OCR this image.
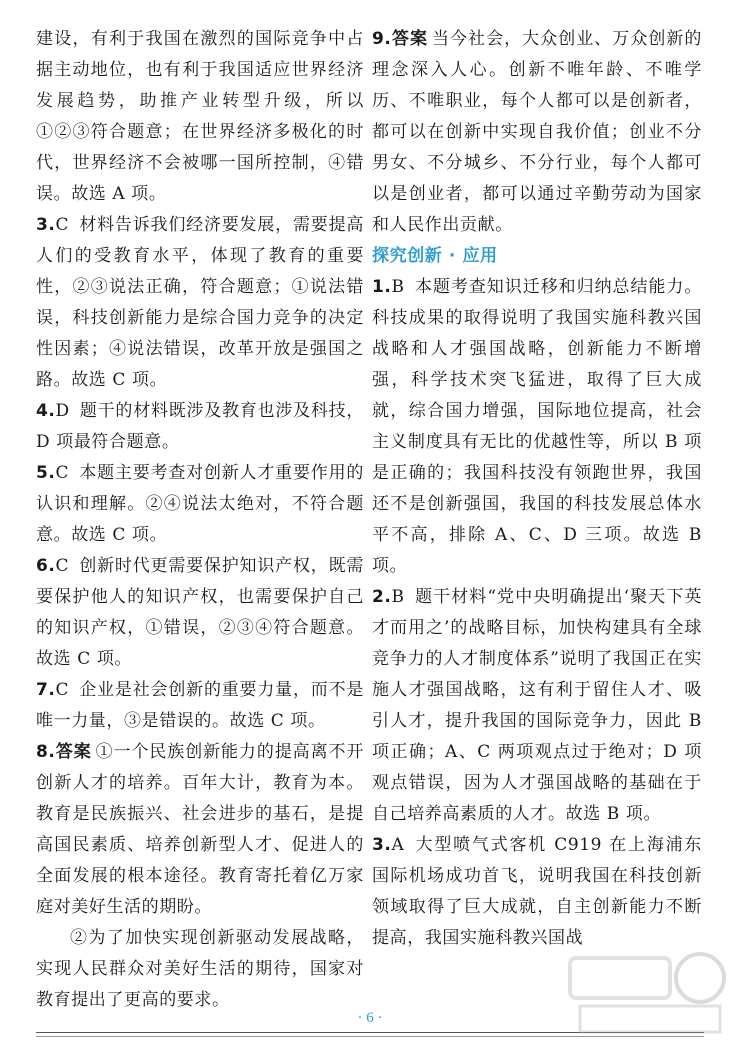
建设，有利于我国在激烈的国际竞争中占据主动地位，也有利于我国适应世界经济发展趋势，助推产业转型升级，所以①②③符合题意；在世界经济多极化的时代，世界经济不会被哪一国所控制，④错误。故选 A 项。

3.C 材料告诉我们经济要发展，需要提高人们的受教育水平，体现了教育的重要性，②③说法正确，符合题意；①说法错误，科技创新能力是综合国力竞争的决定性因素；④说法错误，改革开放是强国之路。故选 C 项。

4.D 题干的材料既涉及教育也涉及科技，D 项最符合题意。

5.C 本题主要考查对创新人才重要作用的认识和理解。②④说法太绝对，不符合题意。故选 C 项。

6.C 创新时代更需要保护知识产权，既需要保护他人的知识产权，也需要保护自己的知识产权，①错误，②③④符合题意。故选 C 项。

7.C 企业是社会创新的重要力量，而不是唯一力量，③是错误的。故选 C 项。

8.答案 ①一个民族创新能力的提高离不开创新人才的培养。百年大计，教育为本。教育是民族振兴、社会进步的基石，是提高国民素质、培养创新型人才、促进人的全面发展的根本途径。教育寄托着亿万家庭对美好生活的期盼。

②为了加快实现创新驱动发展战略，实现人民群众对美好生活的期待，国家对教育提出了更高的要求。

9.答案 当今社会，大众创业、万众创新的理念深入人心。创新不唯年龄、不唯学历、不唯职业，每个人都可以是创新者，都可以在创新中实现自我价值；创业不分男女、不分城乡、不分行业，每个人都可以是创业者，都可以通过辛勤劳动为国家和人民作出贡献。

探究创新 · 应用

1.B 本题考查知识迁移和归纳总结能力。科技成果的取得说明了我国实施科教兴国战略和人才强国战略，创新能力不断增强，科学技术突飞猛进，取得了巨大成就，综合国力增强，国际地位提高，社会主义制度具有无比的优越性等，所以 B 项是正确的；我国科技没有领跑世界，我国还不是创新强国，我国的科技发展总体水平不高，排除 A、C、D 三项。故选 B 项。

2.B 题干材料“党中央明确提出‘聚天下英才而用之’的战略目标，加快构建具有全球竞争力的人才制度体系”说明了我国正在实施人才强国战略，这有利于留住人才、吸引人才，提升我国的国际竞争力，因此 B 项正确；A、C 两项观点过于绝对；D 项观点错误，因为人才强国战略的基础在于自己培养高素质的人才。故选 B 项。

3.A 大型喷气式客机 C919 在上海浦东国际机场成功首飞，说明我国在科技创新领域取得了巨大成就，自主创新能力不断提高，我国实施科教兴国战

· 6 ·
